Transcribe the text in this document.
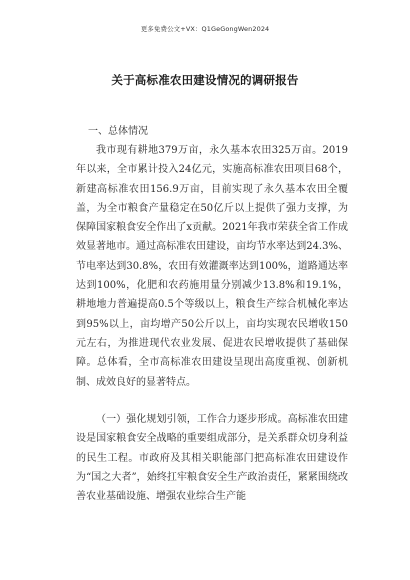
更多免费公文+VX：Q1GeGongWen2024
关于高标准农田建设情况的调研报告
一、总体情况

我市现有耕地379万亩，永久基本农田325万亩。2019年以来，全市累计投入24亿元，实施高标准农田项目68个，新建高标准农田156.9万亩，目前实现了永久基本农田全覆盖，为全市粮食产量稳定在50亿斤以上提供了强力支撑，为保障国家粮食安全作出了x贡献。2021年我市荣获全省工作成效显著地市。通过高标准农田建设，亩均节水率达到24.3%、节电率达到30.8%，农田有效灌溉率达到100%，道路通达率达到100%，化肥和农药施用量分别减少13.8%和19.1%，耕地地力普遍提高0.5个等级以上，粮食生产综合机械化率达到95%以上，亩均增产50公斤以上，亩均实现农民增收150元左右，为推进现代农业发展、促进农民增收提供了基础保障。总体看，全市高标准农田建设呈现出高度重视、创新机制、成效良好的显著特点。

（一）强化规划引领，工作合力逐步形成。高标准农田建设是国家粮食安全战略的重要组成部分，是关系群众切身利益的民生工程。市政府及其相关职能部门把高标准农田建设作为“国之大者”，始终扛牢粮食安全生产政治责任，紧紧围绕改善农业基础设施、增强农业综合生产能
